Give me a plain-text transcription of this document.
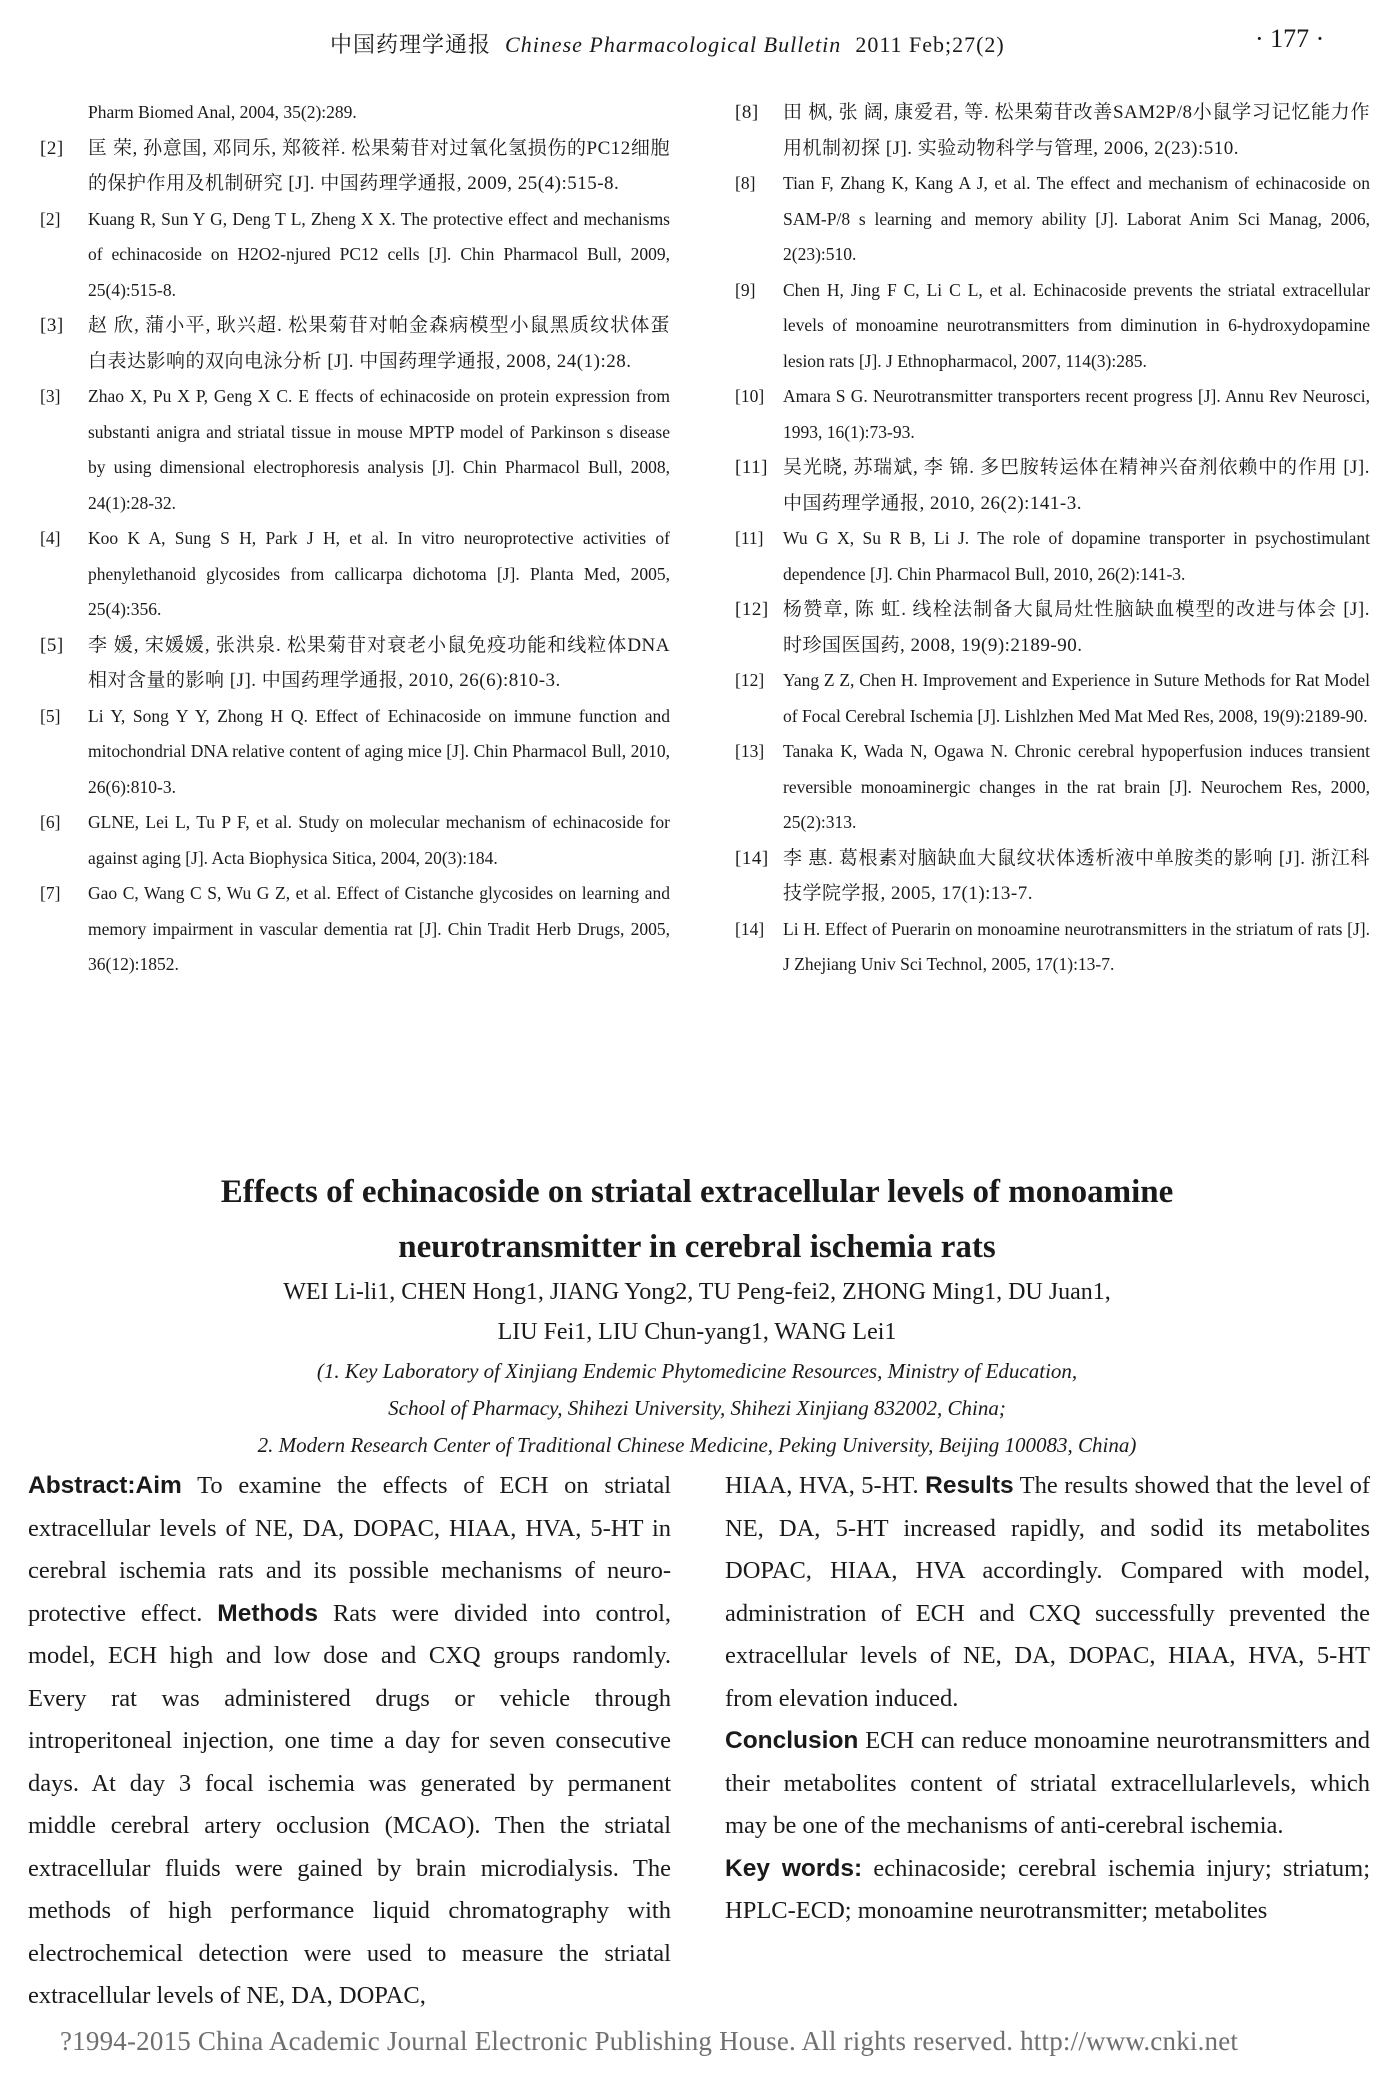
中国药理学通报 Chinese Pharmacological Bulletin 2011 Feb;27(2)	· 177 ·
Pharm Biomed Anal, 2004, 35(2):289.
[2] 匡 荣, 孙意国, 邓同乐, 郑筱祥. 松果菊苷对过氧化氢损伤的PC12细胞的保护作用及机制研究 [J]. 中国药理学通报, 2009, 25(4):515-8.
[2] Kuang R, Sun Y G, Deng T L, Zheng X X. The protective effect and mechanisms of echinacoside on H2O2-njured PC12 cells [J]. Chin Pharmacol Bull, 2009, 25(4):515-8.
[3] 赵 欣, 蒲小平, 耿兴超. 松果菊苷对帕金森病模型小鼠黑质纹状体蛋白表达影响的双向电泳分析 [J]. 中国药理学通报, 2008, 24(1):28.
[3] Zhao X, Pu X P, Geng X C. E ffects of echinacoside on protein expression from substanti anigra and striatal tissue in mouse MPTP model of Parkinson s disease by using dimensional electrophoresis analysis [J]. Chin Pharmacol Bull, 2008, 24(1):28-32.
[4] Koo K A, Sung S H, Park J H, et al. In vitro neuroprotective activities of phenylethanoid glycosides from callicarpa dichotoma [J]. Planta Med, 2005, 25(4):356.
[5] 李 媛, 宋媛媛, 张洪泉. 松果菊苷对衰老小鼠免疫功能和线粒体DNA相对含量的影响 [J]. 中国药理学通报, 2010, 26(6):810-3.
[5] Li Y, Song Y Y, Zhong H Q. Effect of Echinacoside on immune function and mitochondrial DNA relative content of aging mice [J]. Chin Pharmacol Bull, 2010, 26(6):810-3.
[6] GLNE, Lei L, Tu P F, et al. Study on molecular mechanism of echinacoside for against aging [J]. Acta Biophysica Sitica, 2004, 20(3):184.
[7] Gao C, Wang C S, Wu G Z, et al. Effect of Cistanche glycosides on learning and memory impairment in vascular dementia rat [J]. Chin Tradit Herb Drugs, 2005, 36(12):1852.
[8] 田 枫, 张 阔, 康爱君, 等. 松果菊苷改善SAM2P/8小鼠学习记忆能力作用机制初探 [J]. 实验动物科学与管理, 2006, 2(23):510.
[8] Tian F, Zhang K, Kang A J, et al. The effect and mechanism of echinacoside on SAM-P/8 s learning and memory ability [J]. Laborat Anim Sci Manag, 2006, 2(23):510.
[9] Chen H, Jing F C, Li C L, et al. Echinacoside prevents the striatal extracellular levels of monoamine neurotransmitters from diminution in 6-hydroxydopamine lesion rats [J]. J Ethnopharmacol, 2007, 114(3):285.
[10] Amara S G. Neurotransmitter transporters recent progress [J]. Annu Rev Neurosci, 1993, 16(1):73-93.
[11] 吴光晓, 苏瑞斌, 李 锦. 多巴胺转运体在精神兴奋剂依赖中的作用 [J]. 中国药理学通报, 2010, 26(2):141-3.
[11] Wu G X, Su R B, Li J. The role of dopamine transporter in psychostimulant dependence [J]. Chin Pharmacol Bull, 2010, 26(2):141-3.
[12] 杨赞章, 陈 虹. 线栓法制备大鼠局灶性脑缺血模型的改进与体会 [J]. 时珍国医国药, 2008, 19(9):2189-90.
[12] Yang Z Z, Chen H. Improvement and Experience in Suture Methods for Rat Model of Focal Cerebral Ischemia [J]. Lishlzhen Med Mat Med Res, 2008, 19(9):2189-90.
[13] Tanaka K, Wada N, Ogawa N. Chronic cerebral hypoperfusion induces transient reversible monoaminergic changes in the rat brain [J]. Neurochem Res, 2000, 25(2):313.
[14] 李 惠. 葛根素对脑缺血大鼠纹状体透析液中单胺类的影响 [J]. 浙江科技学院学报, 2005, 17(1):13-7.
[14] Li H. Effect of Puerarin on monoamine neurotransmitters in the striatum of rats [J]. J Zhejiang Univ Sci Technol, 2005, 17(1):13-7.
Effects of echinacoside on striatal extracellular levels of monoamine
neurotransmitter in cerebral ischemia rats
WEI Li-li1, CHEN Hong1, JIANG Yong2, TU Peng-fei2, ZHONG Ming1, DU Juan1,
LIU Fei1, LIU Chun-yang1, WANG Lei1
(1. Key Laboratory of Xinjiang Endemic Phytomedicine Resources, Ministry of Education,
School of Pharmacy, Shihezi University, Shihezi Xinjiang 832002, China;
2. Modern Research Center of Traditional Chinese Medicine, Peking University, Beijing 100083, China)
Abstract:Aim To examine the effects of ECH on striatal extracellular levels of NE, DA, DOPAC, HIAA, HVA, 5-HT in cerebral ischemia rats and its possible mechanisms of neuro-protective effect. Methods Rats were divided into control, model, ECH high and low dose and CXQ groups randomly. Every rat was administered drugs or vehicle through introperitoneal injection, one time a day for seven consecutive days. At day 3 focal ischemia was generated by permanent middle cerebral artery occlusion (MCAO). Then the striatal extracellular fluids were gained by brain microdialysis. The methods of high performance liquid chromatography with electrochemical detection were used to measure the striatal extracellular levels of NE, DA, DOPAC,
HIAA, HVA, 5-HT. Results The results showed that the level of NE, DA, 5-HT increased rapidly, and sodid its metabolites DOPAC, HIAA, HVA accordingly. Compared with model, administration of ECH and CXQ successfully prevented the extracellular levels of NE, DA, DOPAC, HIAA, HVA, 5-HT from elevation induced.
Conclusion ECH can reduce monoamine neurotransmitters and their metabolites content of striatal extracellularlevels, which may be one of the mechanisms of anti-cerebral ischemia.
Key words: echinacoside; cerebral ischemia injury; striatum; HPLC-ECD; monoamine neurotransmitter; metabolites
?1994-2015 China Academic Journal Electronic Publishing House. All rights reserved. http://www.cnki.net
